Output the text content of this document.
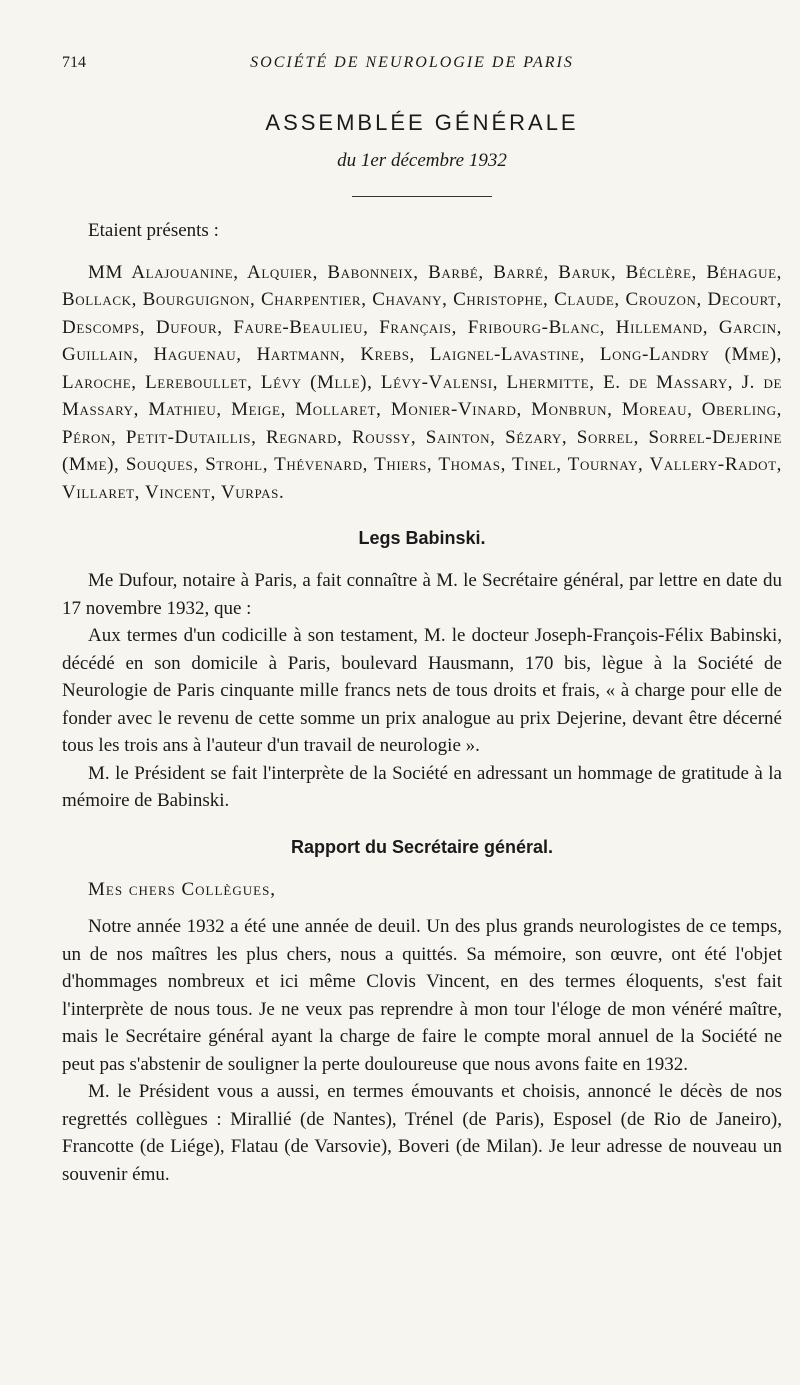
714	SOCIÉTÉ DE NEUROLOGIE DE PARIS
ASSEMBLÉE GÉNÉRALE
du 1er décembre 1932

Etaient présents :

MM Alajouanine, Alquier, Babonneix, Barbé, Barré, Baruk, Béclère, Béhague, Bollack, Bourguignon, Charpentier, Chavany, Christophe, Claude, Crouzon, Decourt, Descomps, Dufour, Faure-Beaulieu, Français, Fribourg-Blanc, Hillemand, Garcin, Guillain, Haguenau, Hartmann, Krebs, Laignel-Lavastine, Long-Landry (Mme), Laroche, Lereboullet, Lévy (Mlle), Lévy-Valensi, Lhermitte, E. de Massary, J. de Massary, Mathieu, Meige, Mollaret, Monier-Vinard, Monbrun, Moreau, Oberling, Péron, Petit-Dutaillis, Regnard, Roussy, Sainton, Sézary, Sorrel, Sorrel-Dejerine (Mme), Souques, Strohl, Thévenard, Thiers, Thomas, Tinel, Tournay, Vallery-Radot, Villaret, Vincent, Vurpas.

Legs Babinski.

Me Dufour, notaire à Paris, a fait connaître à M. le Secrétaire général, par lettre en date du 17 novembre 1932, que :

Aux termes d'un codicille à son testament, M. le docteur Joseph-François-Félix Babinski, décédé en son domicile à Paris, boulevard Hausmann, 170 bis, lègue à la Société de Neurologie de Paris cinquante mille francs nets de tous droits et frais, « à charge pour elle de fonder avec le revenu de cette somme un prix analogue au prix Dejerine, devant être décerné tous les trois ans à l'auteur d'un travail de neurologie ».

M. le Président se fait l'interprète de la Société en adressant un hommage de gratitude à la mémoire de Babinski.

Rapport du Secrétaire général.

Mes chers Collègues,

Notre année 1932 a été une année de deuil. Un des plus grands neurologistes de ce temps, un de nos maîtres les plus chers, nous a quittés. Sa mémoire, son œuvre, ont été l'objet d'hommages nombreux et ici même Clovis Vincent, en des termes éloquents, s'est fait l'interprète de nous tous. Je ne veux pas reprendre à mon tour l'éloge de mon vénéré maître, mais le Secrétaire général ayant la charge de faire le compte moral annuel de la Société ne peut pas s'abstenir de souligner la perte douloureuse que nous avons faite en 1932.

M. le Président vous a aussi, en termes émouvants et choisis, annoncé le décès de nos regrettés collègues : Mirallié (de Nantes), Trénel (de Paris), Esposel (de Rio de Janeiro), Francotte (de Liége), Flatau (de Varsovie), Boveri (de Milan). Je leur adresse de nouveau un souvenir ému.
